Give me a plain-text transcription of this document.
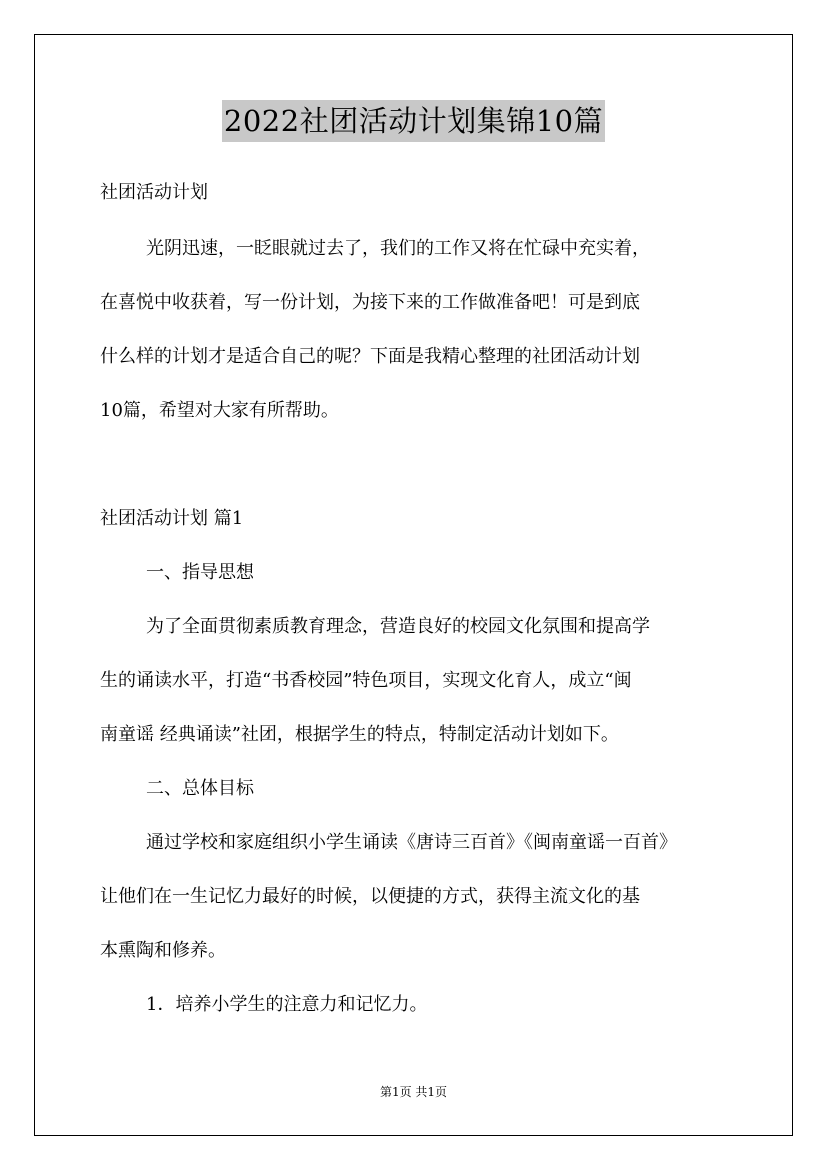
2022社团活动计划集锦10篇

社团活动计划

光阴迅速，一眨眼就过去了，我们的工作又将在忙碌中充实着，

在喜悦中收获着，写一份计划，为接下来的工作做准备吧！可是到底

什么样的计划才是适合自己的呢？下面是我精心整理的社团活动计划

10篇，希望对大家有所帮助。

社团活动计划 篇1

一、指导思想

为了全面贯彻素质教育理念，营造良好的校园文化氛围和提高学

生的诵读水平，打造“书香校园”特色项目，实现文化育人，成立“闽

南童谣 经典诵读”社团，根据学生的特点，特制定活动计划如下。

二、总体目标

通过学校和家庭组织小学生诵读《唐诗三百首》《闽南童谣一百首》

让他们在一生记忆力最好的时候，以便捷的方式，获得主流文化的基

本熏陶和修养。

1．培养小学生的注意力和记忆力。

第1页 共1页
